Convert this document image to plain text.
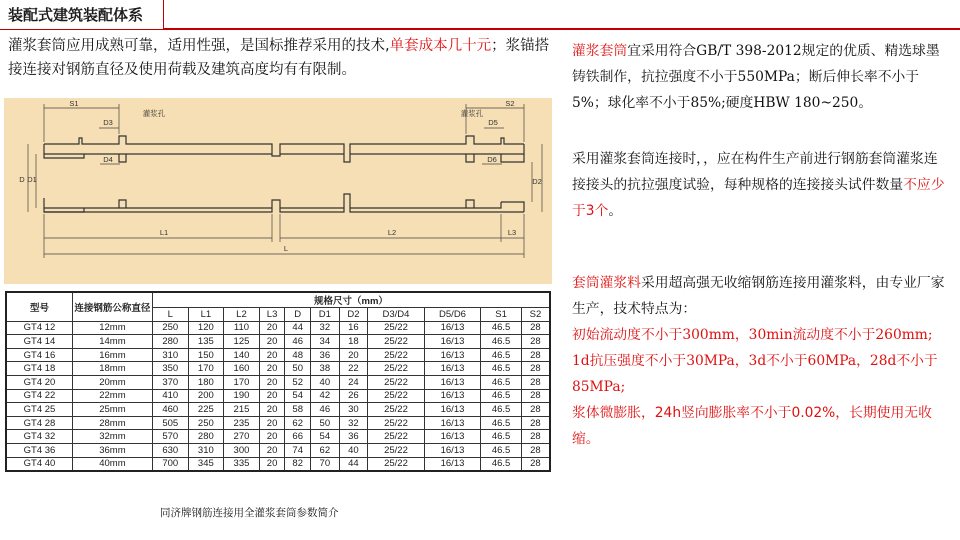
装配式建筑装配体系
灌浆套筒应用成熟可靠，适用性强，是国标推荐采用的技术,单套成本几十元；浆锚搭接连接对钢筋直径及使用荷载及建筑高度均有有限制。
S1	S2
D3
D4
D5
D6
D D1	D2
L1	L2	L3
L
灌浆孔	灌浆孔
型号	连接钢筋公称直径	规格尺寸（mm）										
		L	L1	L2	L3	D	D1	D2	D3/D4	D5/D6	S1	S2
GT4 12	12mm	250	120	110	20	44	32	16	25/22	16/13	46.5	28
GT4 14	14mm	280	135	125	20	46	34	18	25/22	16/13	46.5	28
GT4 16	16mm	310	150	140	20	48	36	20	25/22	16/13	46.5	28
GT4 18	18mm	350	170	160	20	50	38	22	25/22	16/13	46.5	28
GT4 20	20mm	370	180	170	20	52	40	24	25/22	16/13	46.5	28
GT4 22	22mm	410	200	190	20	54	42	26	25/22	16/13	46.5	28
GT4 25	25mm	460	225	215	20	58	46	30	25/22	16/13	46.5	28
GT4 28	28mm	505	250	235	20	62	50	32	25/22	16/13	46.5	28
GT4 32	32mm	570	280	270	20	66	54	36	25/22	16/13	46.5	28
GT4 36	36mm	630	310	300	20	74	62	40	25/22	16/13	46.5	28
GT4 40	40mm	700	345	335	20	82	70	44	25/22	16/13	46.5	28
同济牌钢筋连接用全灌浆套筒参数简介
灌浆套筒宜采用符合GB/T 398-2012规定的优质、精选球墨铸铁制作，抗拉强度不小于550MPa；断后伸长率不小于5%；球化率不小于85%;硬度HBW 180~250。
采用灌浆套筒连接时，，应在构件生产前进行钢筋套筒灌浆连接接头的抗拉强度试验，每种规格的连接接头试件数量不应少于3个。
套筒灌浆料采用超高强无收缩钢筋连接用灌浆料，由专业厂家生产，技术特点为：
初始流动度不小于300mm，30min流动度不小于260mm;
1d抗压强度不小于30MPa，3d不小于60MPa，28d不小于85MPa;
浆体微膨胀，24h竖向膨胀率不小于0.02%，长期使用无收缩。
